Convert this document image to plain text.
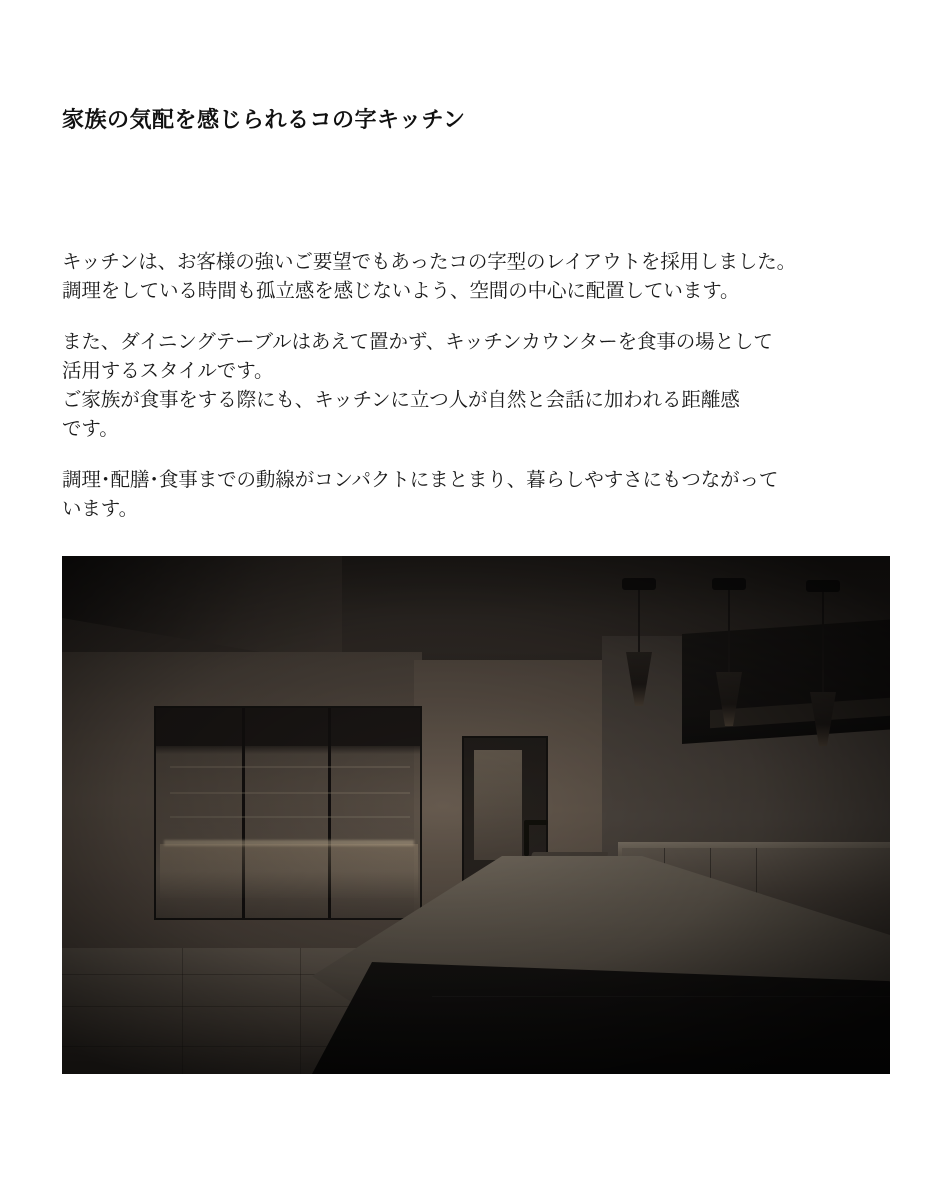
家族の気配を感じられるコの字キッチン
キッチンは、お客様の強いご要望でもあったコの字型のレイアウトを採用しました。
調理をしている時間も孤立感を感じないよう、空間の中心に配置しています。
また、ダイニングテーブルはあえて置かず、キッチンカウンターを食事の場として
活用するスタイルです。
ご家族が食事をする際にも、キッチンに立つ人が自然と会話に加われる距離感
です。
調理･配膳･食事までの動線がコンパクトにまとまり、暮らしやすさにもつながって
います。
